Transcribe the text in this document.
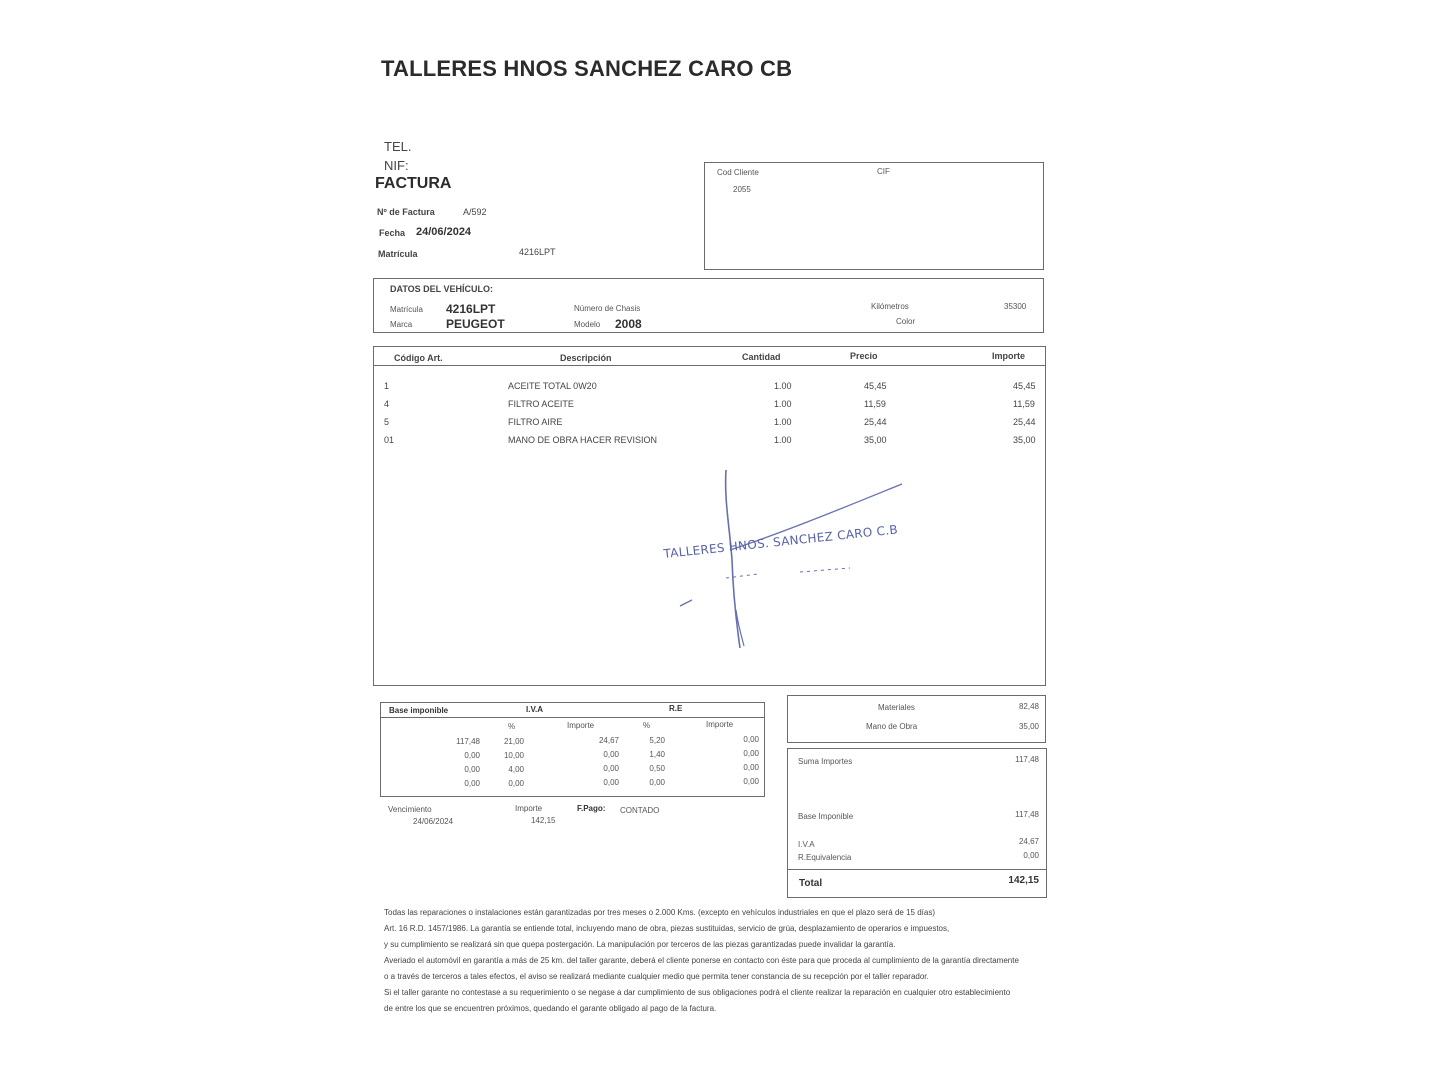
TALLERES HNOS SANCHEZ CARO CB
TEL.
NIF:
FACTURA
Nº de Factura	A/592
Fecha 24/06/2024
Matrícula	4216LPT
Cod Cliente	CIF
2055
DATOS DEL VEHÍCULO:
Matrícula 4216LPT
Marca	PEUGEOT
Número de Chasis
Modelo 2008
Kilómetros	35300
Color
Código Art.	Descripción	Cantidad	Precio	Importe
1	ACEITE TOTAL 0W20	1.00	45,45	45,45
4	FILTRO ACEITE	1.00	11,59	11,59
5	FILTRO AIRE	1.00	25,44	25,44
01	MANO DE OBRA HACER REVISION	1.00	35,00	35,00
TALLERES HNOS. SANCHEZ CARO C.B
Base imponible	I.V.A	R.E
%	Importe	%	Importe
117,48	21,00	24,67	5,20	0,00
0,00	10,00	0,00	1,40	0,00
0,00	4,00	0,00	0,50	0,00
0,00	0,00	0,00	0,00	0,00
Vencimiento
24/06/2024
Importe
142,15
F.Pago: CONTADO
Materiales	82,48
Mano de Obra	35,00
Suma Importes	117,48
Base Imponible	117,48
I.V.A	24,67
R.Equivalencia	0,00
Total	142,15

Todas las reparaciones o instalaciones están garantizadas por tres meses o 2.000 Kms. (excepto en vehículos industriales en que el plazo será de 15 días)

Art. 16 R.D. 1457/1986. La garantía se entiende total, incluyendo mano de obra, piezas sustituidas, servicio de grúa, desplazamiento de operarios e impuestos,

y su cumplimiento se realizará sin que quepa postergación. La manipulación por terceros de las piezas garantizadas puede invalidar la garantía.

Averiado el automóvil en garantía a más de 25 km. del taller garante, deberá el cliente ponerse en contacto con éste para que proceda al cumplimiento de la garantía directamente

o a través de terceros a tales efectos, el aviso se realizará mediante cualquier medio que permita tener constancia de su recepción por el taller reparador.

Si el taller garante no contestase a su requerimiento o se negase a dar cumplimiento de sus obligaciones podrá el cliente realizar la reparación en cualquier otro establecimiento

de entre los que se encuentren próximos, quedando el garante obligado al pago de la factura.
